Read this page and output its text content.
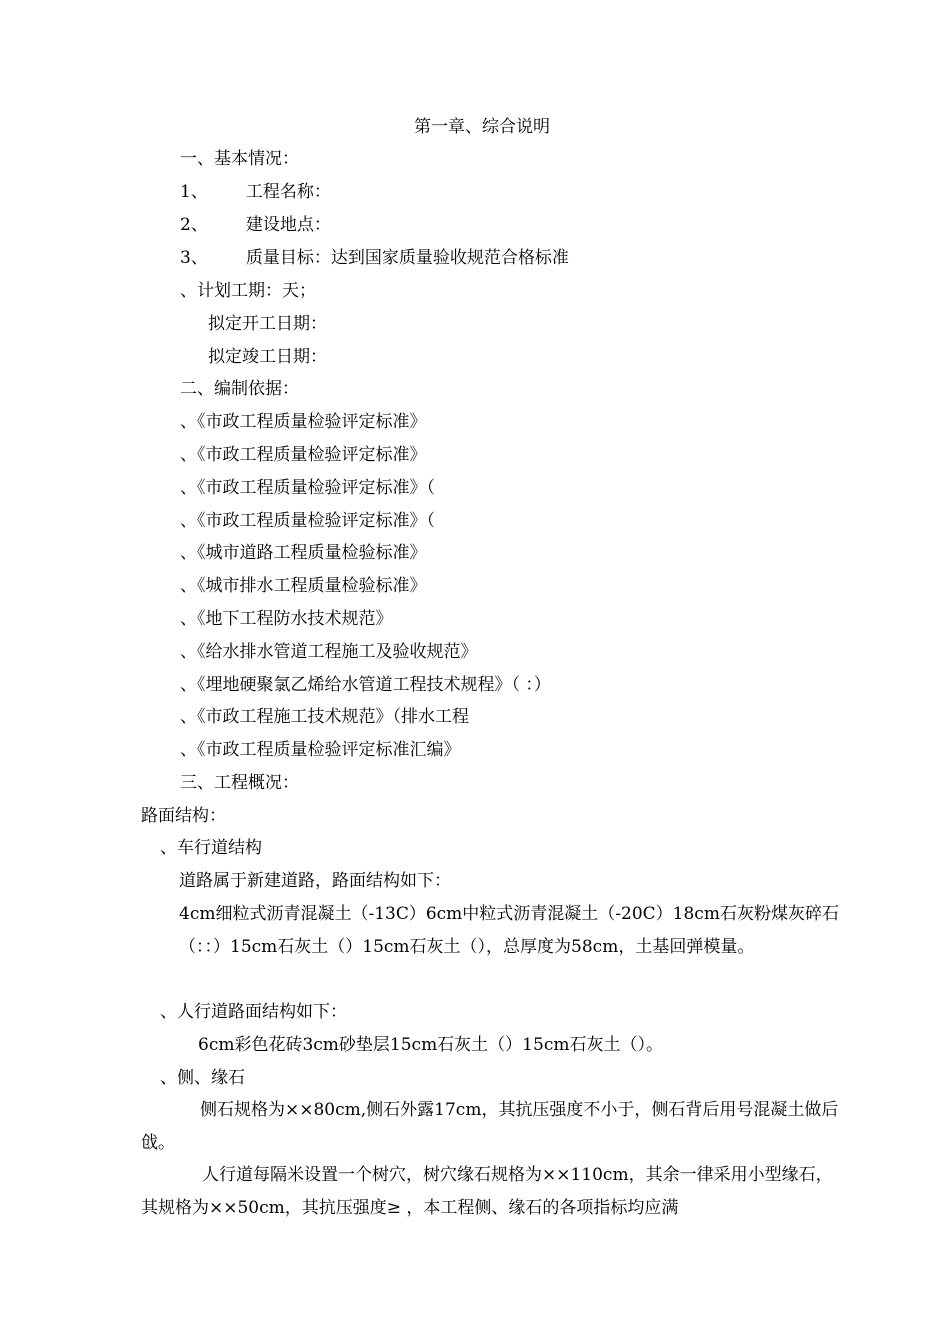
第一章、综合说明
一、基本情况：
1、 工程名称：
2、 建设地点：
3、 质量目标：达到国家质量验收规范合格标准
、计划工期：天；
拟定开工日期：
拟定竣工日期：
二、编制依据：
、《市政工程质量检验评定标准》
、《市政工程质量检验评定标准》
、《市政工程质量检验评定标准》（
、《市政工程质量检验评定标准》（
、《城市道路工程质量检验标准》
、《城市排水工程质量检验标准》
、《地下工程防水技术规范》
、《给水排水管道工程施工及验收规范》
、《埋地硬聚氯乙烯给水管道工程技术规程》（ ：）
、《市政工程施工技术规范》（排水工程
、《市政工程质量检验评定标准汇编》
三、工程概况：
路面结构：
、车行道结构
道路属于新建道路，路面结构如下：
4cm细粒式沥青混凝土（-13C）6cm中粒式沥青混凝土（-20C）18cm石灰粉煤灰碎石（：：）15cm石灰土（）15cm石灰土（），总厚度为58cm，土基回弹模量。
、人行道路面结构如下：
6cm彩色花砖3cm砂垫层15cm石灰土（）15cm石灰土（）。
、侧、缘石
侧石规格为××80cm,侧石外露17cm，其抗压强度不小于，侧石背后用号混凝土做后戗。
人行道每隔米设置一个树穴，树穴缘石规格为××110cm，其余一律采用小型缘石，其规格为××50cm，其抗压强度≥ ，本工程侧、缘石的各项指标均应满
